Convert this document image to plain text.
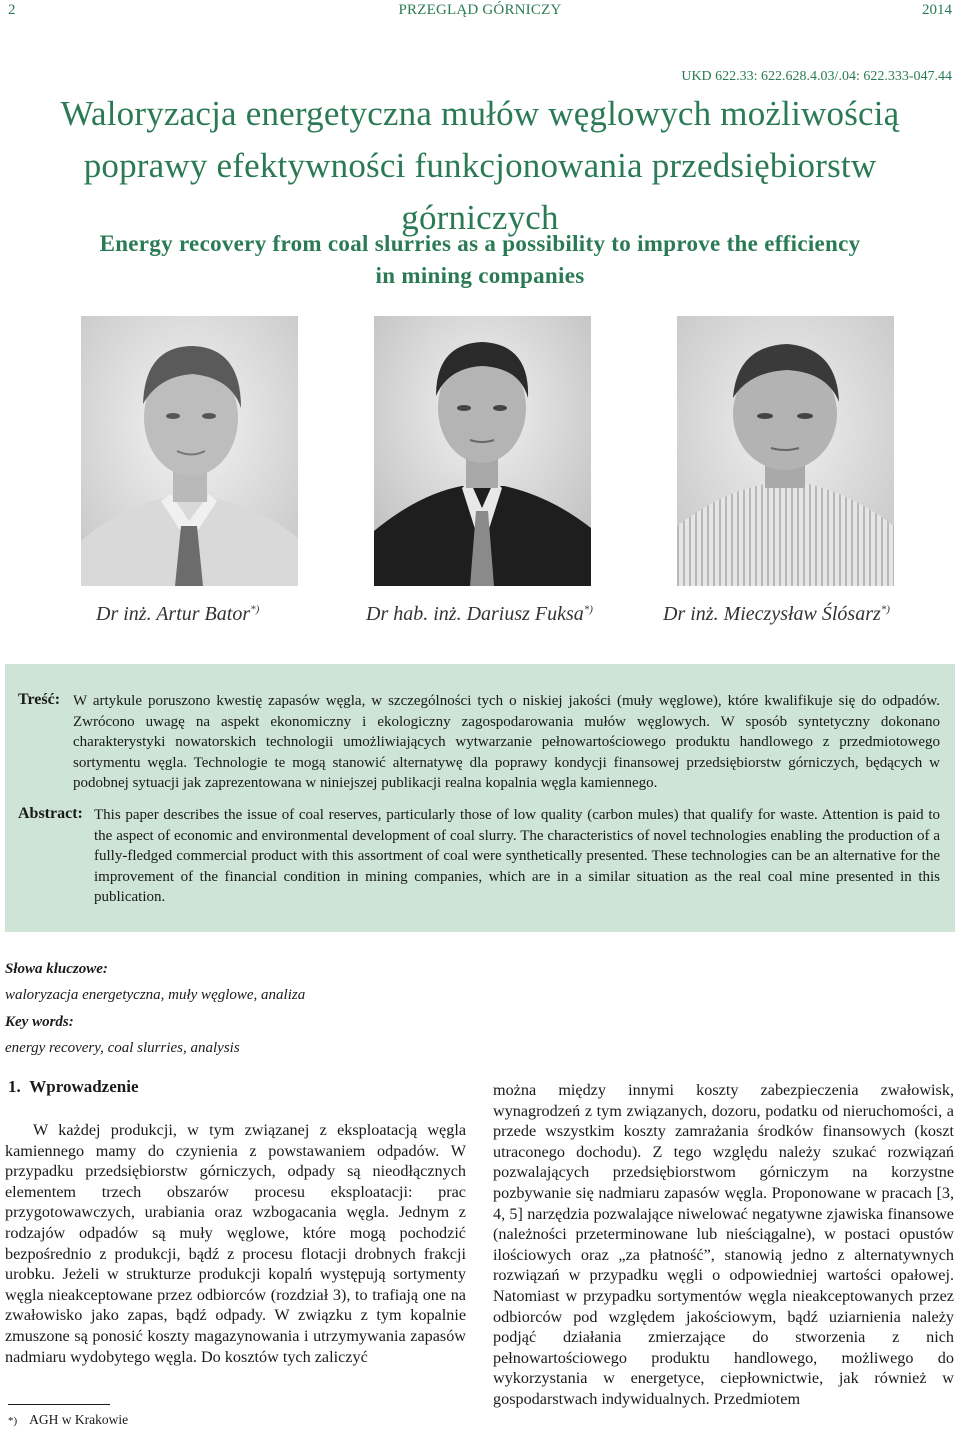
2	PRZEGLĄD GÓRNICZY	2014
UKD 622.33: 622.628.4.03/.04: 622.333-047.44
Waloryzacja energetyczna mułów węglowych możliwością
poprawy efektywności funkcjonowania przedsiębiorstw
górniczych
Energy recovery from coal slurries as a possibility to improve the efficiency
in mining companies
Dr inż. Artur Bator*)	Dr hab. inż. Dariusz Fuksa*)	Dr inż. Mieczysław Ślósarz*)
Treść: W artykule poruszono kwestię zapasów węgla, w szczególności tych o niskiej jakości (muły węglowe), które kwalifikuje się do odpadów. Zwrócono uwagę na aspekt ekonomiczny i ekologiczny zagospodarowania mułów węglowych. W sposób syntetyczny dokonano charakterystyki nowatorskich technologii umożliwiających wytwarzanie pełnowartościowego produktu handlowego z przedmiotowego sortymentu węgla. Technologie te mogą stanowić alternatywę dla poprawy kondycji finansowej przedsiębiorstw górniczych, będących w podobnej sytuacji jak zaprezentowana w niniejszej publikacji realna kopalnia węgla kamiennego.
Abstract: This paper describes the issue of coal reserves, particularly those of low quality (carbon mules) that qualify for waste. Attention is paid to the aspect of economic and environmental development of coal slurry. The characteristics of novel technologies enabling the production of a fully-fledged commercial product with this assortment of coal were synthetically presented. These technologies can be an alternative for the improvement of the financial condition in mining companies, which are in a similar situation as the real coal mine presented in this publication.
Słowa kluczowe:
waloryzacja energetyczna, muły węglowe, analiza
Key words:
energy recovery, coal slurries, analysis
1. Wprowadzenie

W każdej produkcji, w tym związanej z eksploatacją węgla kamiennego mamy do czynienia z powstawaniem odpadów. W przypadku przedsiębiorstw górniczych, odpady są nieodłącznych elementem trzech obszarów procesu eksploatacji: prac przygotowawczych, urabiania oraz wzbogacania węgla. Jednym z rodzajów odpadów są muły węglowe, które mogą pochodzić bezpośrednio z produkcji, bądź z procesu flotacji drobnych frakcji urobku. Jeżeli w strukturze produkcji kopalń występują sortymenty węgla nieakceptowane przez odbiorców (rozdział 3), to trafiają one na zwałowisko jako zapas, bądź odpady. W związku z tym kopalnie zmuszone są ponosić koszty magazynowania i utrzymywania zapasów nadmiaru wydobytego węgla. Do kosztów tych zaliczyć

można między innymi koszty zabezpieczenia zwałowisk, wynagrodzeń z tym związanych, dozoru, podatku od nieruchomości, a przede wszystkim koszty zamrażania środków finansowych (koszt utraconego dochodu). Z tego względu należy szukać rozwiązań pozwalających przedsiębiorstwom górniczym na korzystne pozbywanie się nadmiaru zapasów węgla. Proponowane w pracach [3, 4, 5] narzędzia pozwalające niwelować negatywne zjawiska finansowe (należności przeterminowane lub nieściągalne), w postaci opustów ilościowych oraz „za płatność”, stanowią jedno z alternatywnych rozwiązań w przypadku węgli o odpowiedniej wartości opałowej. Natomiast w przypadku sortymentów węgla nieakceptowanych przez odbiorców pod względem jakościowym, bądź uziarnienia należy podjąć działania zmierzające do stworzenia z nich pełnowartościowego produktu handlowego, możliwego do wykorzystania w energetyce, ciepłownictwie, jak również w gospodarstwach indywidualnych. Przedmiotem

*) AGH w Krakowie
